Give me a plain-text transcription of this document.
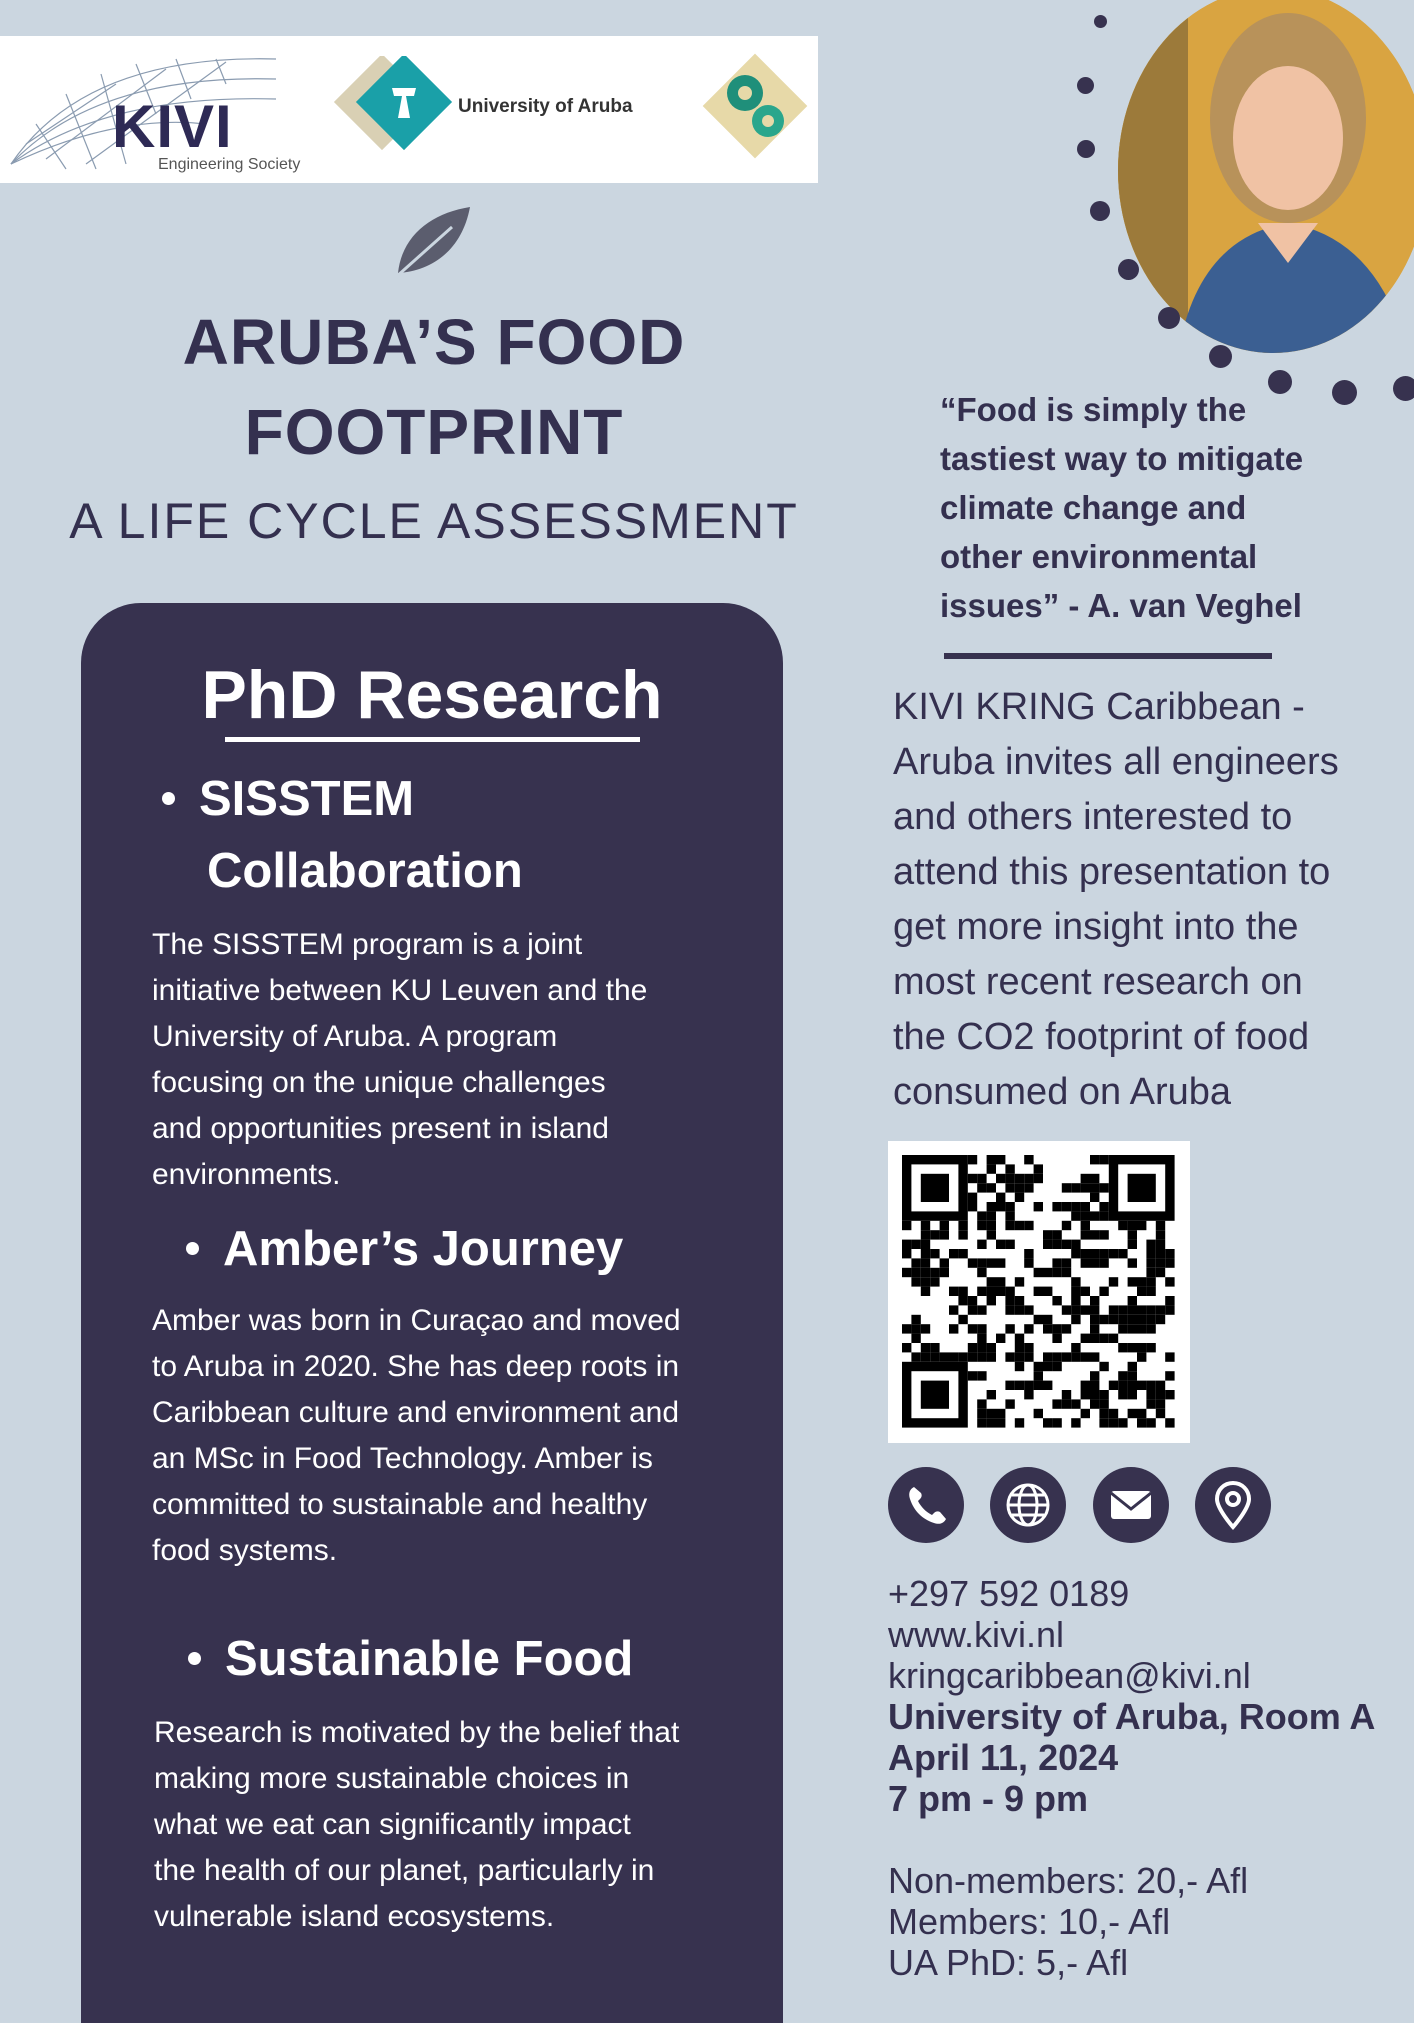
KIVI
Engineering Society
University of Aruba
ARUBA’S FOOD
FOOTPRINT
A LIFE CYCLE ASSESSMENT
PhD Research
SISSTEM
Collaboration
The SISSTEM program is a joint
initiative between KU Leuven and the
University of Aruba. A program
focusing on the unique challenges
and opportunities present in island
environments.
Amber’s Journey
Amber was born in Curaçao and moved
to Aruba in 2020. She has deep roots in
Caribbean culture and environment and
an MSc in Food Technology. Amber is
committed to sustainable and healthy
food systems.
Sustainable Food
Research is motivated by the belief that
making more sustainable choices in
what we eat can significantly impact
the health of our planet, particularly in
vulnerable island ecosystems.
“Food is simply the
tastiest way to mitigate
climate change and
other environmental
issues” - A. van Veghel
KIVI KRING Caribbean -
Aruba invites all engineers
and others interested to
attend this presentation to
get more insight into the
most recent research on
the CO2 footprint of food
consumed on Aruba
+297 592 0189
www.kivi.nl
kringcaribbean@kivi.nl
University of Aruba, Room A
April 11, 2024
7 pm - 9 pm
Non-members: 20,- Afl
Members: 10,- Afl
UA PhD: 5,- Afl
